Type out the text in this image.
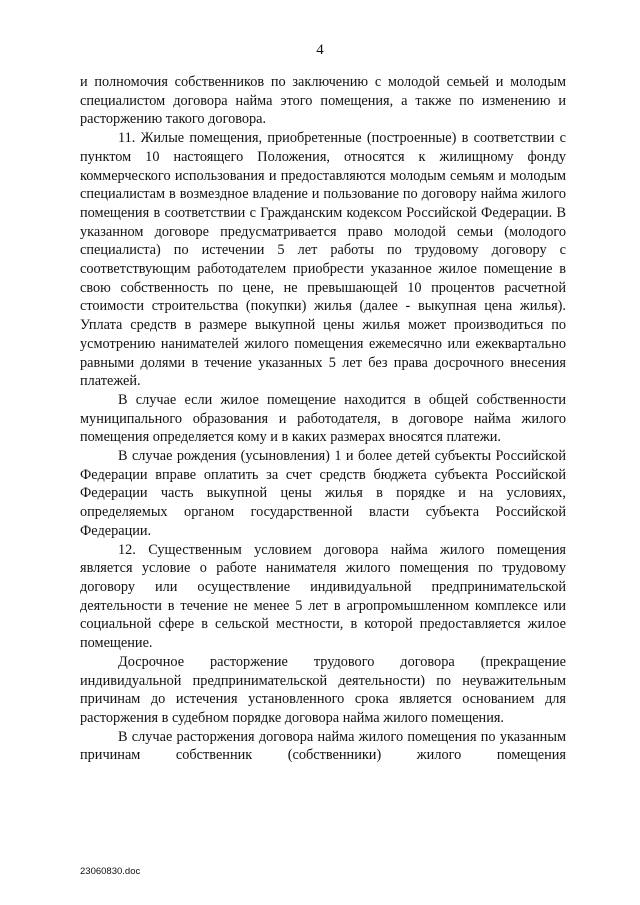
4

и полномочия собственников по заключению с молодой семьей и молодым специалистом договора найма этого помещения, а также по изменению и расторжению такого договора.

11. Жилые помещения, приобретенные (построенные) в соответствии с пунктом 10 настоящего Положения, относятся к жилищному фонду коммерческого использования и предоставляются молодым семьям и молодым специалистам в возмездное владение и пользование по договору найма жилого помещения в соответствии с Гражданским кодексом Российской Федерации. В указанном договоре предусматривается право молодой семьи (молодого специалиста) по истечении 5 лет работы по трудовому договору с соответствующим работодателем приобрести указанное жилое помещение в свою собственность по цене, не превышающей 10 процентов расчетной стоимости строительства (покупки) жилья (далее - выкупная цена жилья). Уплата средств в размере выкупной цены жилья может производиться по усмотрению нанимателей жилого помещения ежемесячно или ежеквартально равными долями в течение указанных 5 лет без права досрочного внесения платежей.

В случае если жилое помещение находится в общей собственности муниципального образования и работодателя, в договоре найма жилого помещения определяется кому и в каких размерах вносятся платежи.

В случае рождения (усыновления) 1 и более детей субъекты Российской Федерации вправе оплатить за счет средств бюджета субъекта Российской Федерации часть выкупной цены жилья в порядке и на условиях, определяемых органом государственной власти субъекта Российской Федерации.

12. Существенным условием договора найма жилого помещения является условие о работе нанимателя жилого помещения по трудовому договору или осуществление индивидуальной предпринимательской деятельности в течение не менее 5 лет в агропромышленном комплексе или социальной сфере в сельской местности, в которой предоставляется жилое помещение.

Досрочное расторжение трудового договора (прекращение индивидуальной предпринимательской деятельности) по неуважительным причинам до истечения установленного срока является основанием для расторжения в судебном порядке договора найма жилого помещения.

В случае расторжения договора найма жилого помещения по указанным причинам собственник (собственники) жилого помещения

23060830.doc
